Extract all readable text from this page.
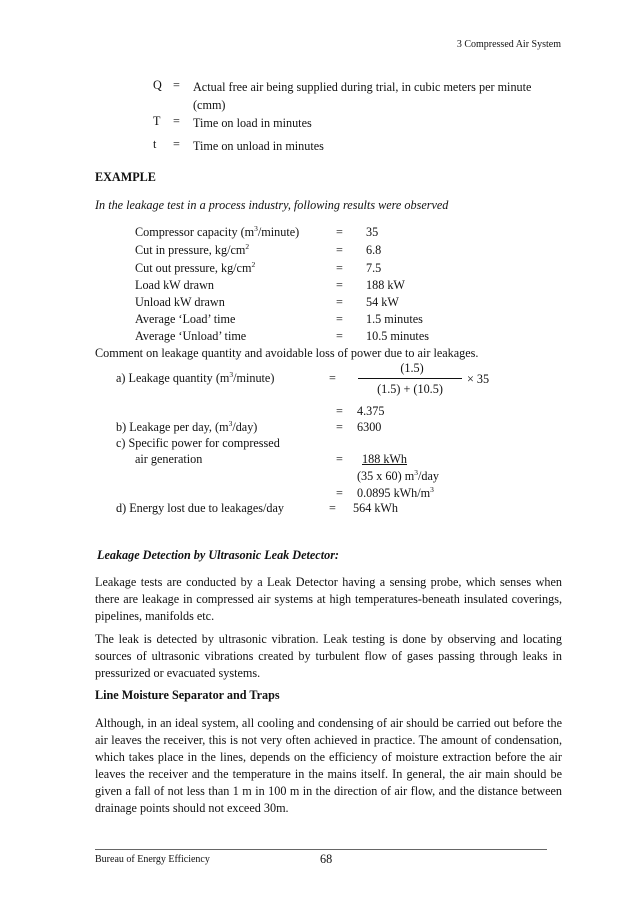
3 Compressed Air System
Q = Actual free air being supplied during trial, in cubic meters per minute (cmm)
T = Time on load in minutes
t = Time on unload in minutes
EXAMPLE
In the leakage test in a process industry, following results were observed
Compressor capacity $(m^3/minute)$	= 35
Cut in pressure, $kg/cm^2$	= 6.8
Cut out pressure, $kg/cm^2$	= 7.5
Load kW drawn	= 188 kW
Unload kW drawn	= 54 kW
Average ‘Load’ time	= 1.5 minutes
Average ‘Unload’ time	= 10.5 minutes
Comment on leakage quantity and avoidable loss of power due to air leakages.
a) Leakage quantity $(m^3/minute)$	=
(1.5)
(1.5) + (10.5)
× 35
= 4.375
b) Leakage per day, $(m^3/day)$	= 6300
c) Specific power for compressed
air generation	= 188 kWh
(35 x 60) $m^3$/day
= 0.0895 kWh/$m^3$
d) Energy lost due to leakages/day	= 564 kWh
Leakage Detection by Ultrasonic Leak Detector:
Leakage tests are conducted by a Leak Detector having a sensing probe, which senses when there are leakage in compressed air systems at high temperatures-beneath insulated coverings, pipelines, manifolds etc.
The leak is detected by ultrasonic vibration. Leak testing is done by observing and locating sources of ultrasonic vibrations created by turbulent flow of gases passing through leaks in pressurized or evacuated systems.
Line Moisture Separator and Traps
Although, in an ideal system, all cooling and condensing of air should be carried out before the air leaves the receiver, this is not very often achieved in practice. The amount of condensation, which takes place in the lines, depends on the efficiency of moisture extraction before the air leaves the receiver and the temperature in the mains itself. In general, the air main should be given a fall of not less than 1 m in 100 m in the direction of air flow, and the distance between drainage points should not exceed 30m.
Bureau of Energy Efficiency	68
